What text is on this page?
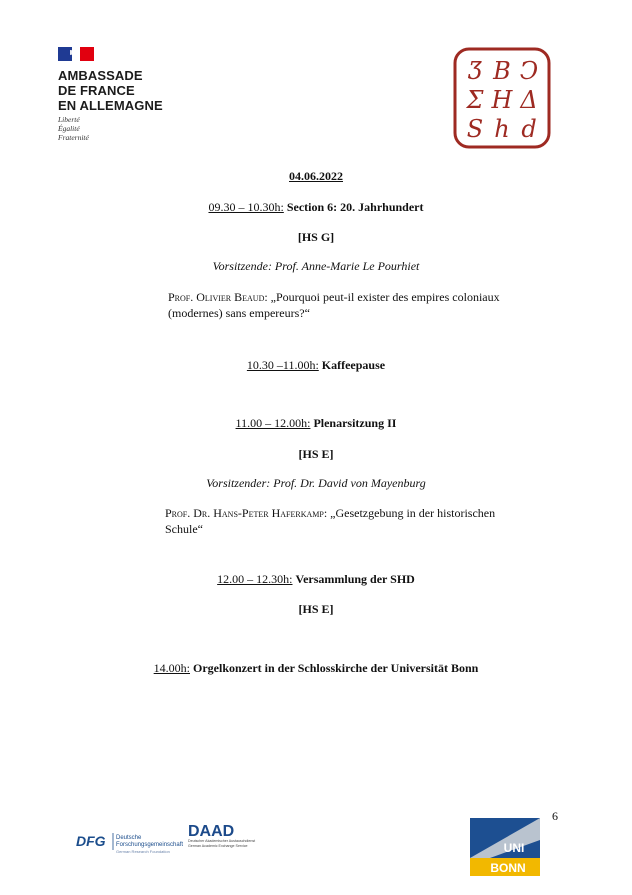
AMBASSADE
DE FRANCE
EN ALLEMAGNE
Liberté
Égalité
Fraternité
Ʒ Β Ͻ
Σ Η Δ
S h d
04.06.2022
09.30 – 10.30h: Section 6: 20. Jahrhundert
[HS G]
Vorsitzende: Prof. Anne-Marie Le Pourhiet
Prof. Olivier Beaud: „Pourquoi peut-il exister des empires coloniaux
(modernes) sans empereurs?“
10.30 –11.00h: Kaffeepause
11.00 – 12.00h: Plenarsitzung II
[HS E]
Vorsitzender: Prof. Dr. David von Mayenburg
Prof. Dr. Hans-Peter Haferkamp: „Gesetzgebung in der historischen
Schule“
12.00 – 12.30h: Versammlung der SHD
[HS E]
14.00h: Orgelkonzert in der Schlosskirche der Universität Bonn
6
DFG Deutsche
Forschungsgemeinschaft
German Research Foundation
DAAD
Deutscher Akademischer Austauschdienst
German Academic Exchange Service	UNI
BONN
